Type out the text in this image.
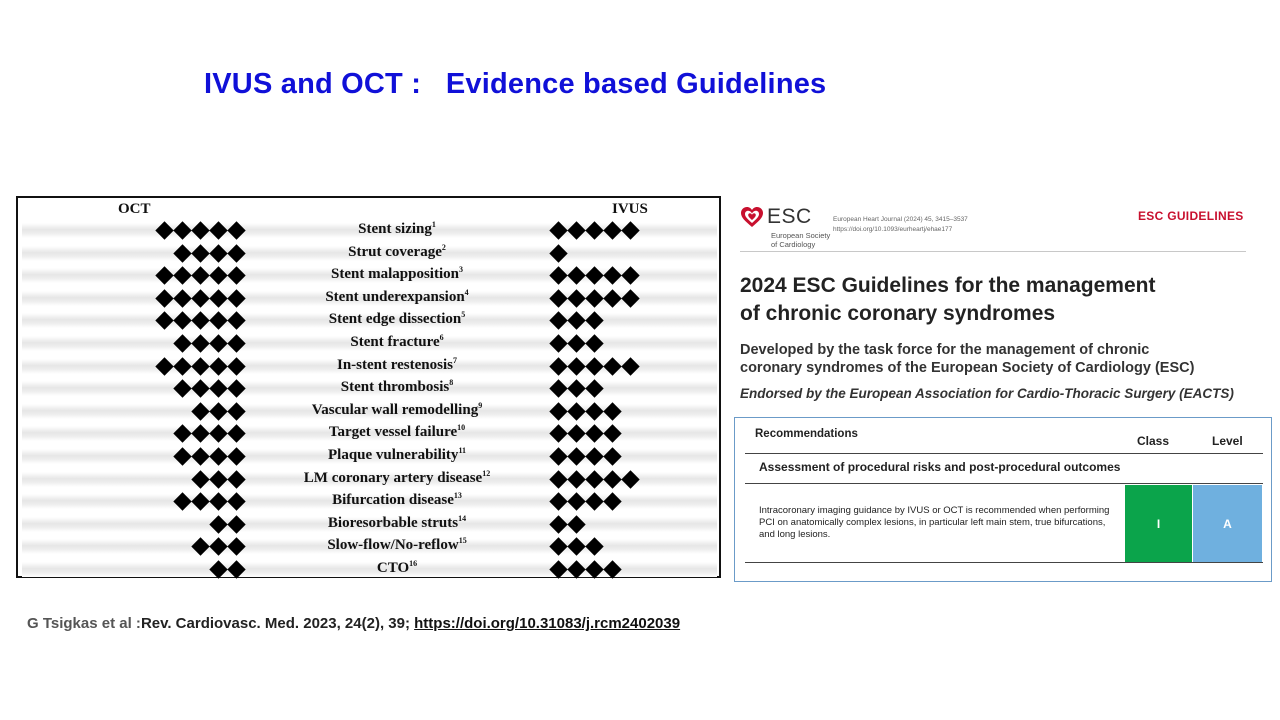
IVUS and OCT :   Evidence based Guidelines
OCT	IVUS
Stent sizing$^1$
Strut coverage$^2$
Stent malapposition$^3$
Stent underexpansion$^4$
Stent edge dissection$^5$
Stent fracture$^6$
In-stent restenosis$^7$
Stent thrombosis$^8$
Vascular wall remodelling$^9$
Target vessel failure$^{10}$
Plaque vulnerability$^{11}$
LM coronary artery disease$^{12}$
Bifurcation disease$^{13}$
Bioresorbable struts$^{14}$
Slow-flow/No-reflow$^{15}$
CTO$^{16}$
ESC
European Society
of Cardiology
European Heart Journal (2024) 45, 3415–3537
https://doi.org/10.1093/eurheartj/ehae177
ESC GUIDELINES
2024 ESC Guidelines for the management
of chronic coronary syndromes
Developed by the task force for the management of chronic
coronary syndromes of the European Society of Cardiology (ESC)
Endorsed by the European Association for Cardio-Thoracic Surgery (EACTS)
Recommendations	Class	Level
Assessment of procedural risks and post-procedural outcomes
Intracoronary imaging guidance by IVUS or OCT is recommended when performing PCI on anatomically complex lesions, in particular left main stem, true bifurcations, and long lesions.
I	A
G Tsigkas et al :Rev. Cardiovasc. Med. 2023, 24(2), 39; https://doi.org/10.31083/j.rcm2402039
